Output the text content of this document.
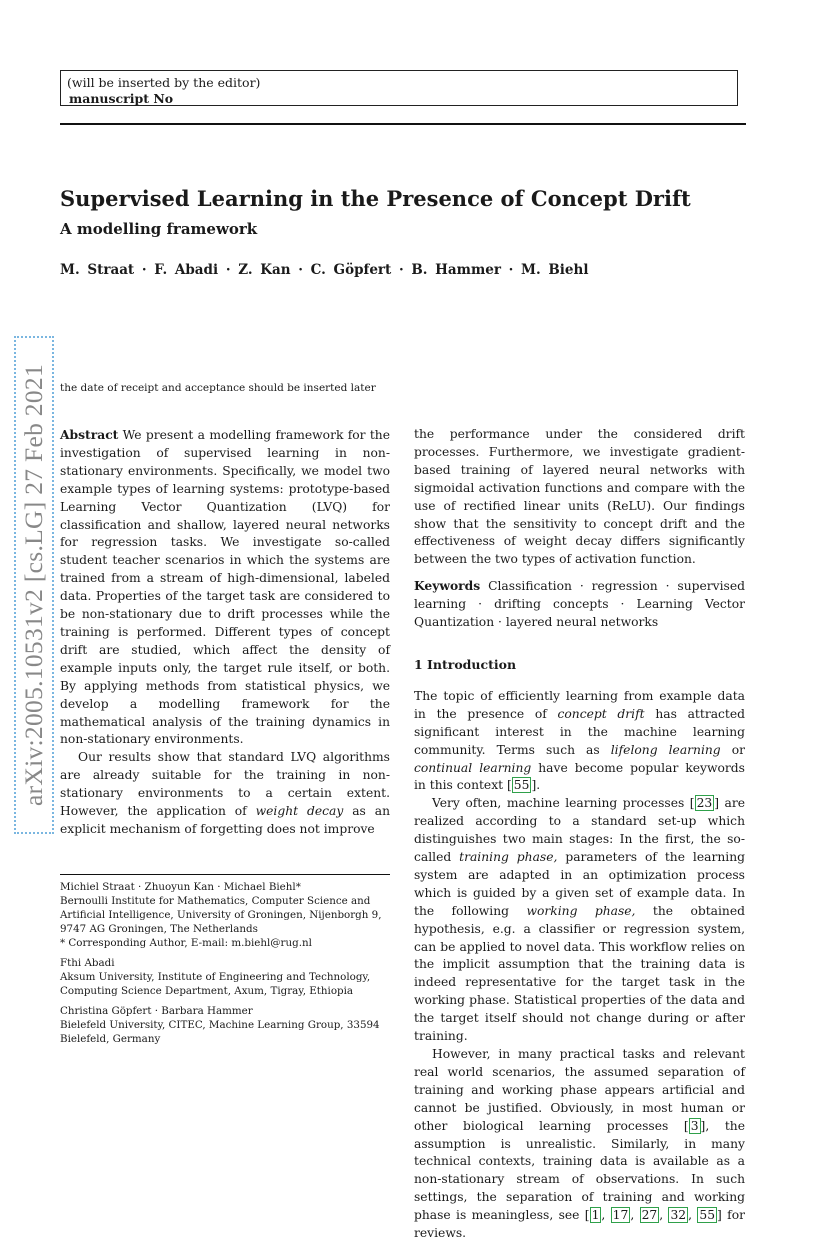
(will be inserted by the editor)
manuscript No
Supervised Learning in the Presence of Concept Drift
A modelling framework
M. Straat · F. Abadi · Z. Kan · C. Göpfert · B. Hammer · M. Biehl
arXiv:2005.10531v2 [cs.LG] 27 Feb 2021 the date of receipt and acceptance should be inserted later

Abstract We present a modelling framework for the investigation of supervised learning in non-stationary environments. Specifically, we model two example types of learning systems: prototype-based Learning Vector Quantization (LVQ) for classification and shallow, layered neural networks for regression tasks. We investigate so-called student teacher scenarios in which the systems are trained from a stream of high-dimensional, labeled data. Properties of the target task are considered to be non-stationary due to drift processes while the training is performed. Different types of concept drift are studied, which affect the density of example inputs only, the target rule itself, or both. By applying methods from statistical physics, we develop a modelling framework for the mathematical analysis of the training dynamics in non-stationary environments.

Our results show that standard LVQ algorithms are already suitable for the training in non-stationary environments to a certain extent. However, the application of weight decay as an explicit mechanism of forgetting does not improve

the performance under the considered drift processes. Furthermore, we investigate gradient-based training of layered neural networks with sigmoidal activation functions and compare with the use of rectified linear units (ReLU). Our findings show that the sensitivity to concept drift and the effectiveness of weight decay differs significantly between the two types of activation function.

Keywords Classification · regression · supervised learning · drifting concepts · Learning Vector Quantization · layered neural networks

1 Introduction

The topic of efficiently learning from example data in the presence of concept drift has attracted significant interest in the machine learning community. Terms such as lifelong learning or continual learning have become popular keywords in this context [ 55 ].

Very often, machine learning processes [ 23 ] are realized according to a standard set-up which distinguishes two main stages: In the first, the so-called training phase, parameters of the learning system are adapted in an optimization process which is guided by a given set of example data. In the following working phase, the obtained hypothesis, e.g. a classifier or regression system, can be applied to novel data. This workflow relies on the implicit assumption that the training data is indeed representative for the target task in the working phase. Statistical properties of the data and the target itself should not change during or after training.

However, in many practical tasks and relevant real world scenarios, the assumed separation of training and working phase appears artificial and cannot be justified. Obviously, in most human or other biological learning processes [ 3 ], the assumption is unrealistic. Similarly, in many technical contexts, training data is available as a non-stationary stream of observations. In such settings, the separation of training and working phase is meaningless, see [ 1 , 17 , 27 , 32 , 55 ] for reviews.

Michiel Straat · Zhuoyun Kan · Michael Biehl*

Bernoulli Institute for Mathematics, Computer Science and Artificial Intelligence, University of Groningen, Nijenborgh 9, 9747 AG Groningen, The Netherlands

* Corresponding Author, E-mail: m.biehl@rug.nl

Fthi Abadi

Aksum University, Institute of Engineering and Technology, Computing Science Department, Axum, Tigray, Ethiopia

Christina Göpfert · Barbara Hammer

Bielefeld University, CITEC, Machine Learning Group, 33594 Bielefeld, Germany
